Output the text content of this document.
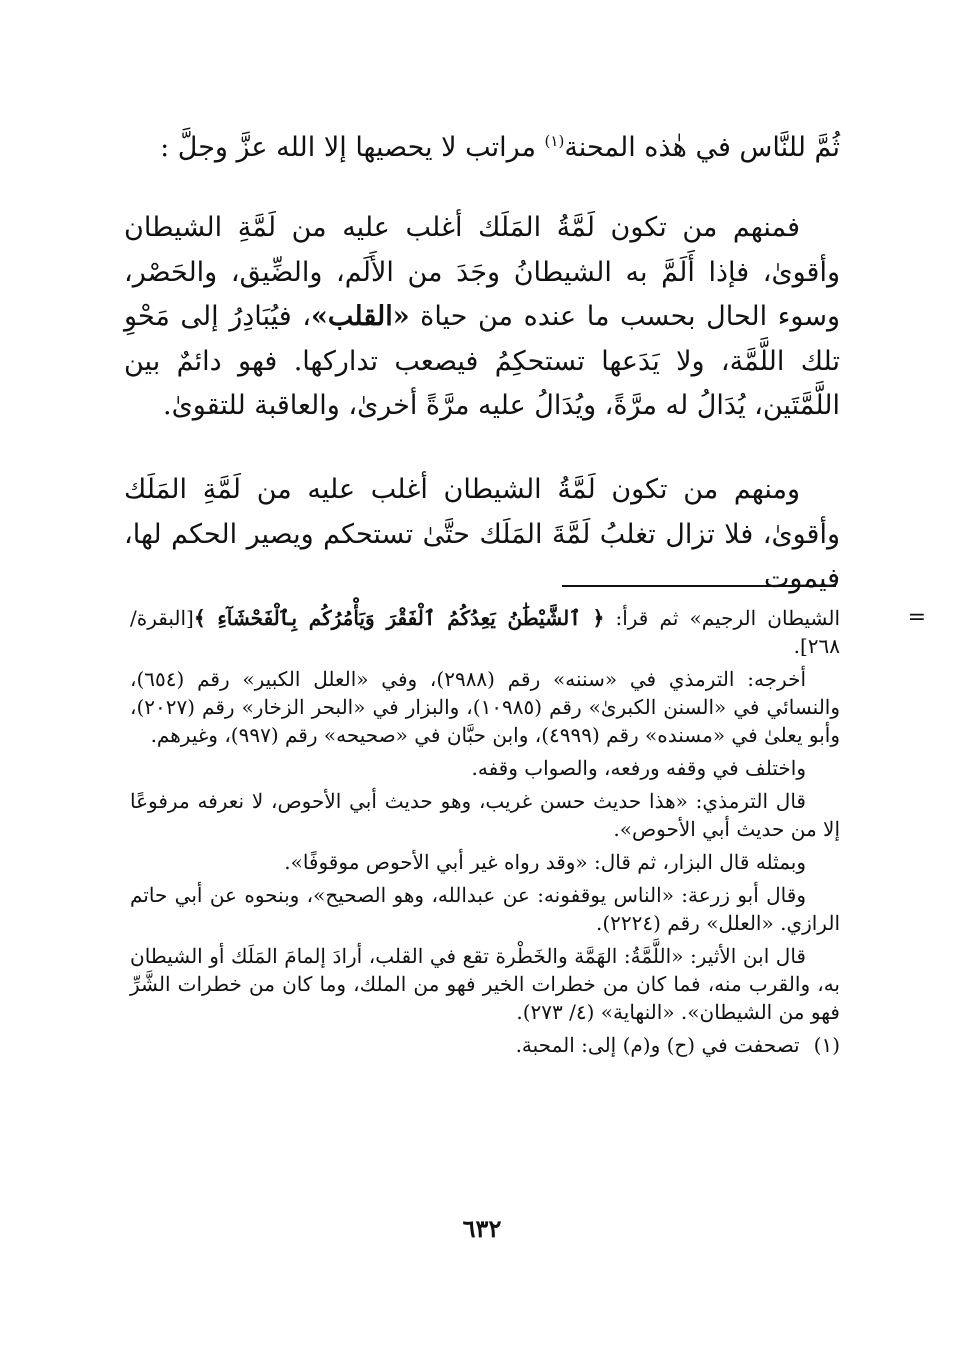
ثُمَّ للنَّاس في هٰذه المحنة$^{(١)}$ مراتب لا يحصيها إلا الله عزَّ وجلَّ :

فمنهم من تكون لَمَّةُ المَلَك أغلب عليه من لَمَّةِ الشيطان وأقوىٰ، فإذا أَلَمَّ به الشيطانُ وجَدَ من الأَلَم، والضِّيق، والحَصْر، وسوء الحال بحسب ما عنده من حياة «القلب»، فيُبَادِرُ إلى مَحْوِ تلك اللَّمَّة، ولا يَدَعها تستحكِمُ فيصعب تداركها. فهو دائمٌ بين اللَّمَّتَين، يُدَالُ له مرَّةً، ويُدَالُ عليه مرَّةً أخرىٰ، والعاقبة للتقوىٰ.

ومنهم من تكون لَمَّةُ الشيطان أغلب عليه من لَمَّةِ المَلَك وأقوىٰ، فلا تزال تغلبُ لَمَّةَ المَلَك حتَّىٰ تستحكم ويصير الحكم لها، فيموت

=

الشيطان الرجيم» ثم قرأ: ﴿ ٱلشَّيْطَٰنُ يَعِدُكُمُ ٱلْفَقْرَ وَيَأْمُرُكُم بِٱلْفَحْشَآءِ ﴾[البقرة/ ٢٦٨].

أخرجه: الترمذي في «سننه» رقم (٢٩٨٨)، وفي «العلل الكبير» رقم (٦٥٤)، والنسائي في «السنن الكبرىٰ» رقم (١٠٩٨٥)، والبزار في «البحر الزخار» رقم (٢٠٢٧)، وأبو يعلىٰ في «مسنده» رقم (٤٩٩٩)، وابن حبَّان في «صحيحه» رقم (٩٩٧)، وغيرهم.

واختلف في وقفه ورفعه، والصواب وقفه.

قال الترمذي: «هذا حديث حسن غريب، وهو حديث أبي الأحوص، لا نعرفه مرفوعًا إلا من حديث أبي الأحوص».

وبمثله قال البزار، ثم قال: «وقد رواه غير أبي الأحوص موقوفًا».

وقال أبو زرعة: «الناس يوقفونه: عن عبدالله، وهو الصحيح»، وبنحوه عن أبي حاتم الرازي. «العلل» رقم (٢٢٢٤).

قال ابن الأثير: «اللَّمَّةُ: الهَمَّة والخَطْرة تقع في القلب، أرادَ إلمامَ المَلَك أو الشيطان به، والقرب منه، فما كان من خطرات الخير فهو من الملك، وما كان من خطرات الشَّرِّ فهو من الشيطان». «النهاية» (٤/ ٢٧٣).

(١)تصحفت في (ح) و(م) إلى: المحبة.

٦٣٢
